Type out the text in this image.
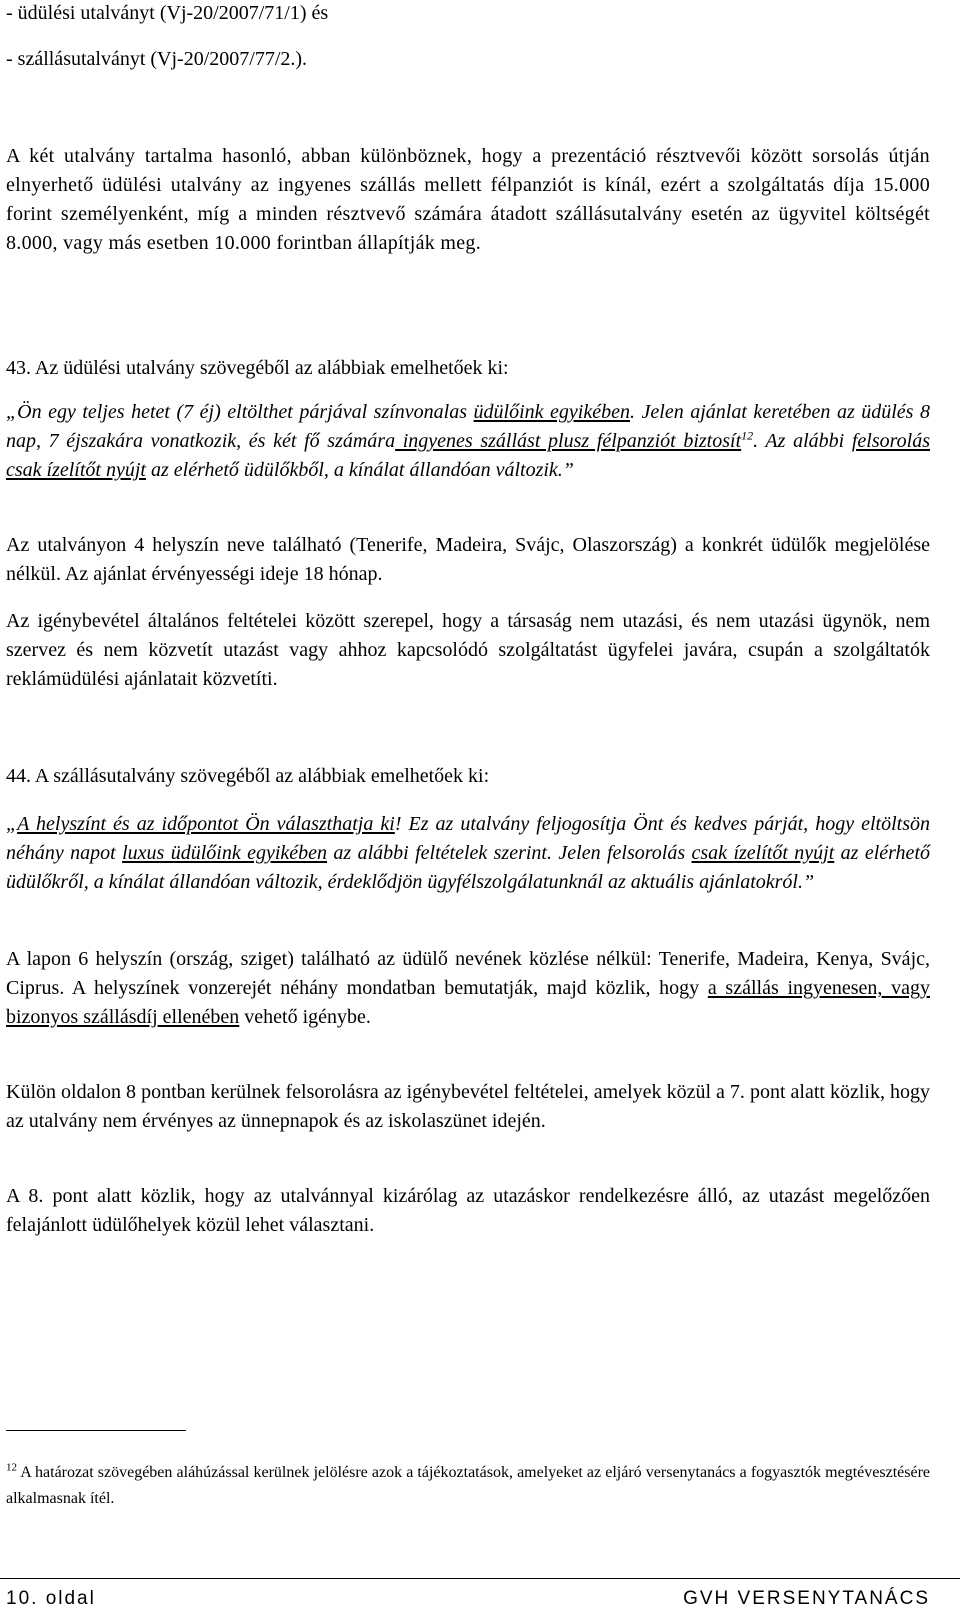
- üdülési utalványt (Vj-20/2007/71/1) és

- szállásutalványt (Vj-20/2007/77/2.).

A két utalvány tartalma hasonló, abban különböznek, hogy a prezentáció résztvevői között sorsolás útján elnyerhető üdülési utalvány az ingyenes szállás mellett félpanziót is kínál, ezért a szolgáltatás díja 15.000 forint személyenként, míg a minden résztvevő számára átadott szállásutalvány esetén az ügyvitel költségét 8.000, vagy más esetben 10.000 forintban állapítják meg.

43. Az üdülési utalvány szövegéből az alábbiak emelhetőek ki:

„Ön egy teljes hetet (7 éj) eltölthet párjával színvonalas üdülőink egyikében. Jelen ajánlat keretében az üdülés 8 nap, 7 éjszakára vonatkozik, és két fő számára ingyenes szállást plusz félpanziót biztosít$^{12}$. Az alábbi felsorolás csak ízelítőt nyújt az elérhető üdülőkből, a kínálat állandóan változik.”

Az utalványon 4 helyszín neve található (Tenerife, Madeira, Svájc, Olaszország) a konkrét üdülők megjelölése nélkül. Az ajánlat érvényességi ideje 18 hónap.

Az igénybevétel általános feltételei között szerepel, hogy a társaság nem utazási, és nem utazási ügynök, nem szervez és nem közvetít utazást vagy ahhoz kapcsolódó szolgáltatást ügyfelei javára, csupán a szolgáltatók reklámüdülési ajánlatait közvetíti.

44. A szállásutalvány szövegéből az alábbiak emelhetőek ki:

„A helyszínt és az időpontot Ön választhatja ki! Ez az utalvány feljogosítja Önt és kedves párját, hogy eltöltsön néhány napot luxus üdülőink egyikében az alábbi feltételek szerint. Jelen felsorolás csak ízelítőt nyújt az elérhető üdülőkről, a kínálat állandóan változik, érdeklődjön ügyfélszolgálatunknál az aktuális ajánlatokról.”

A lapon 6 helyszín (ország, sziget) található az üdülő nevének közlése nélkül: Tenerife, Madeira, Kenya, Svájc, Ciprus. A helyszínek vonzerejét néhány mondatban bemutatják, majd közlik, hogy a szállás ingyenesen, vagy bizonyos szállásdíj ellenében vehető igénybe.

Külön oldalon 8 pontban kerülnek felsorolásra az igénybevétel feltételei, amelyek közül a 7. pont alatt közlik, hogy az utalvány nem érvényes az ünnepnapok és az iskolaszünet idején.

A 8. pont alatt közlik, hogy az utalvánnyal kizárólag az utazáskor rendelkezésre álló, az utazást megelőzően felajánlott üdülőhelyek közül lehet választani.

$^{12}$ A határozat szövegében aláhúzással kerülnek jelölésre azok a tájékoztatások, amelyeket az eljáró versenytanács a fogyasztók megtévesztésére alkalmasnak ítél.

10. oldal	GVH VERSENYTANÁCS
